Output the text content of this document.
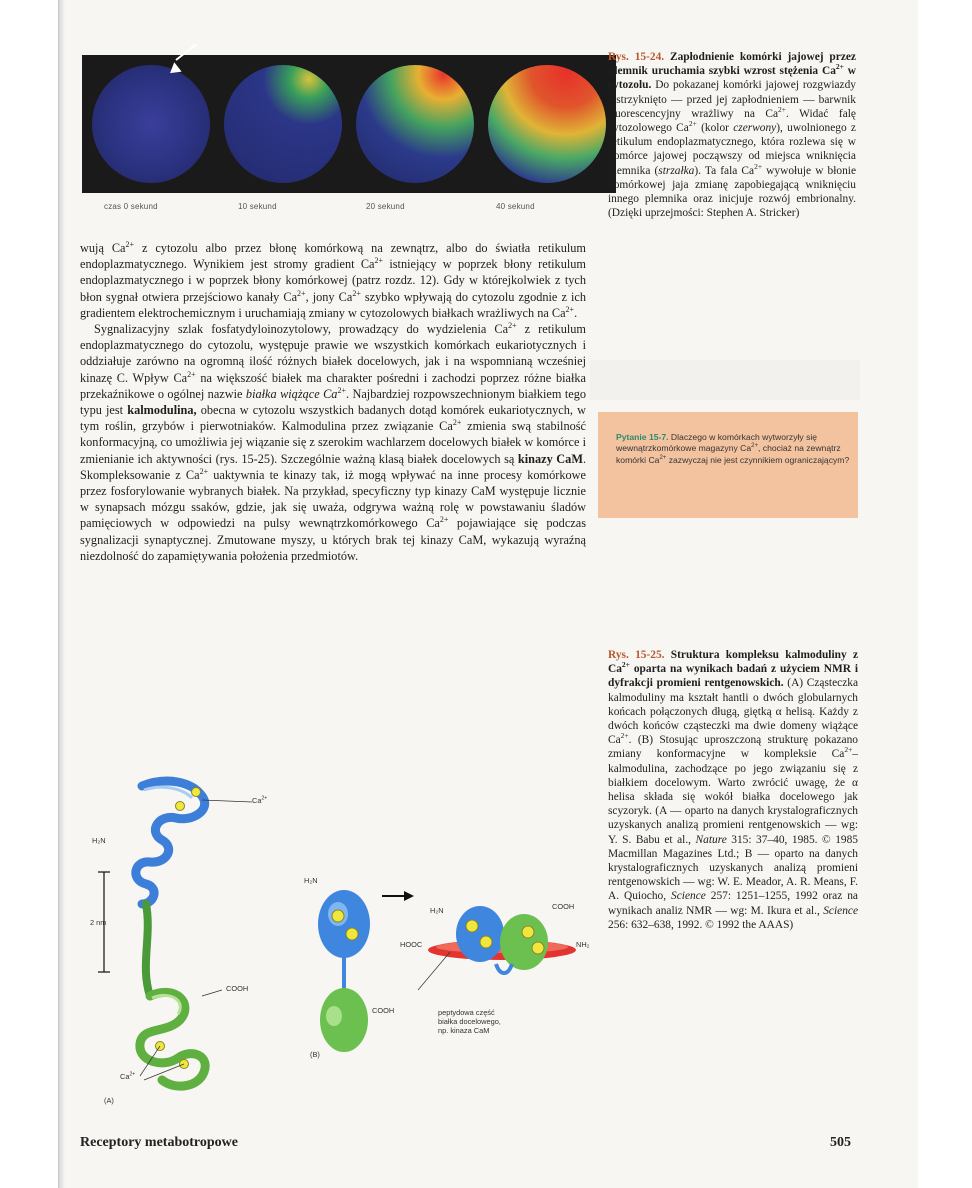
czas 0 sekund	10 sekund	20 sekund	40 sekund
Rys. 15-24. Zapłodnienie komórki jajowej przez plemnik uruchamia szybki wzrost stężenia $Ca^{2+}$ w cytozolu. Do pokazanej komórki jajowej rozgwiazdy wstrzyknięto — przed jej zapłodnieniem — barwnik fluorescencyjny wrażliwy na $Ca^{2+}$. Widać falę cytozolowego $Ca^{2+}$ (kolor czerwony), uwolnionego z retikulum endoplazmatycznego, która rozlewa się w komórce jajowej począwszy od miejsca wniknięcia plemnika (strzałka). Ta fala $Ca^{2+}$ wywołuje w błonie komórkowej jaja zmianę zapobiegającą wniknięciu innego plemnika oraz inicjuje rozwój embrionalny. (Dzięki uprzejmości: Stephen A. Stricker)
Pytanie 15-7. Dlaczego w komórkach wytworzyły się wewnątrzkomórkowe magazyny $Ca^{2+}$, chociaż na zewnątrz komórki $Ca^{2+}$ zazwyczaj nie jest czynnikiem ograniczającym?

wują $Ca^{2+}$ z cytozolu albo przez błonę komórkową na zewnątrz, albo do światła retikulum endoplazmatycznego. Wynikiem jest stromy gradient $Ca^{2+}$ istniejący w poprzek błony retikulum endoplazmatycznego i w poprzek błony komórkowej (patrz rozdz. 12). Gdy w którejkolwiek z tych błon sygnał otwiera przejściowo kanały $Ca^{2+}$, jony $Ca^{2+}$ szybko wpływają do cytozolu zgodnie z ich gradientem elektrochemicznym i uruchamiają zmiany w cytozolowych białkach wrażliwych na $Ca^{2+}$.

Sygnalizacyjny szlak fosfatydyloinozytolowy, prowadzący do wydzielenia $Ca^{2+}$ z retikulum endoplazmatycznego do cytozolu, występuje prawie we wszystkich komórkach eukariotycznych i oddziałuje zarówno na ogromną ilość różnych białek docelowych, jak i na wspomnianą wcześniej kinazę C. Wpływ $Ca^{2+}$ na większość białek ma charakter pośredni i zachodzi poprzez różne białka przekaźnikowe o ogólnej nazwie białka wiążące $Ca^{2+}$. Najbardziej rozpowszechnionym białkiem tego typu jest kalmodulina, obecna w cytozolu wszystkich badanych dotąd komórek eukariotycznych, w tym roślin, grzybów i pierwotniaków. Kalmodulina przez związanie $Ca^{2+}$ zmienia swą stabilność konformacyjną, co umożliwia jej wiązanie się z szerokim wachlarzem docelowych białek w komórce i zmienianie ich aktywności (rys. 15-25). Szczególnie ważną klasą białek docelowych są kinazy CaM. Skompleksowanie z $Ca^{2+}$ uaktywnia te kinazy tak, iż mogą wpływać na inne procesy komórkowe przez fosforylowanie wybranych białek. Na przykład, specyficzny typ kinazy CaM występuje licznie w synapsach mózgu ssaków, gdzie, jak się uważa, odgrywa ważną rolę w powstawaniu śladów pamięciowych w odpowiedzi na pulsy wewnątrzkomórkowego $Ca^{2+}$ pojawiające się podczas sygnalizacji synaptycznej. Zmutowane myszy, u których brak tej kinazy CaM, wykazują wyraźną niezdolność do zapamiętywania położenia przedmiotów.

$Ca^{2+}$
H₂N
2 nm
COOH
$Ca^{2+}$
(A)
H₂N
COOH
(B)
H₂N	COOH
HOOC	NH₂
peptydowa część
białka docelowego,
np. kinaza CaM
Rys. 15-25. Struktura kompleksu kalmoduliny z $Ca^{2+}$ oparta na wynikach badań z użyciem NMR i dyfrakcji promieni rentgenowskich. (A) Cząsteczka kalmoduliny ma kształt hantli o dwóch globularnych końcach połączonych długą, giętką α helisą. Każdy z dwóch końców cząsteczki ma dwie domeny wiążące $Ca^{2+}$. (B) Stosując uproszczoną strukturę pokazano zmiany konformacyjne w kompleksie $Ca^{2+}$–kalmodulina, zachodzące po jego związaniu się z białkiem docelowym. Warto zwrócić uwagę, że α helisa składa się wokół białka docelowego jak scyzoryk. (A — oparto na danych krystalograficznych uzyskanych analizą promieni rentgenowskich — wg: Y. S. Babu et al., Nature 315: 37–40, 1985. © 1985 Macmillan Magazines Ltd.; B — oparto na danych krystalograficznych uzyskanych analizą promieni rentgenowskich — wg: W. E. Meador, A. R. Means, F. A. Quiocho, Science 257: 1251–1255, 1992 oraz na wynikach analiz NMR — wg: M. Ikura et al., Science 256: 632–638, 1992. © 1992 the AAAS)
Receptory metabotropowe	505
